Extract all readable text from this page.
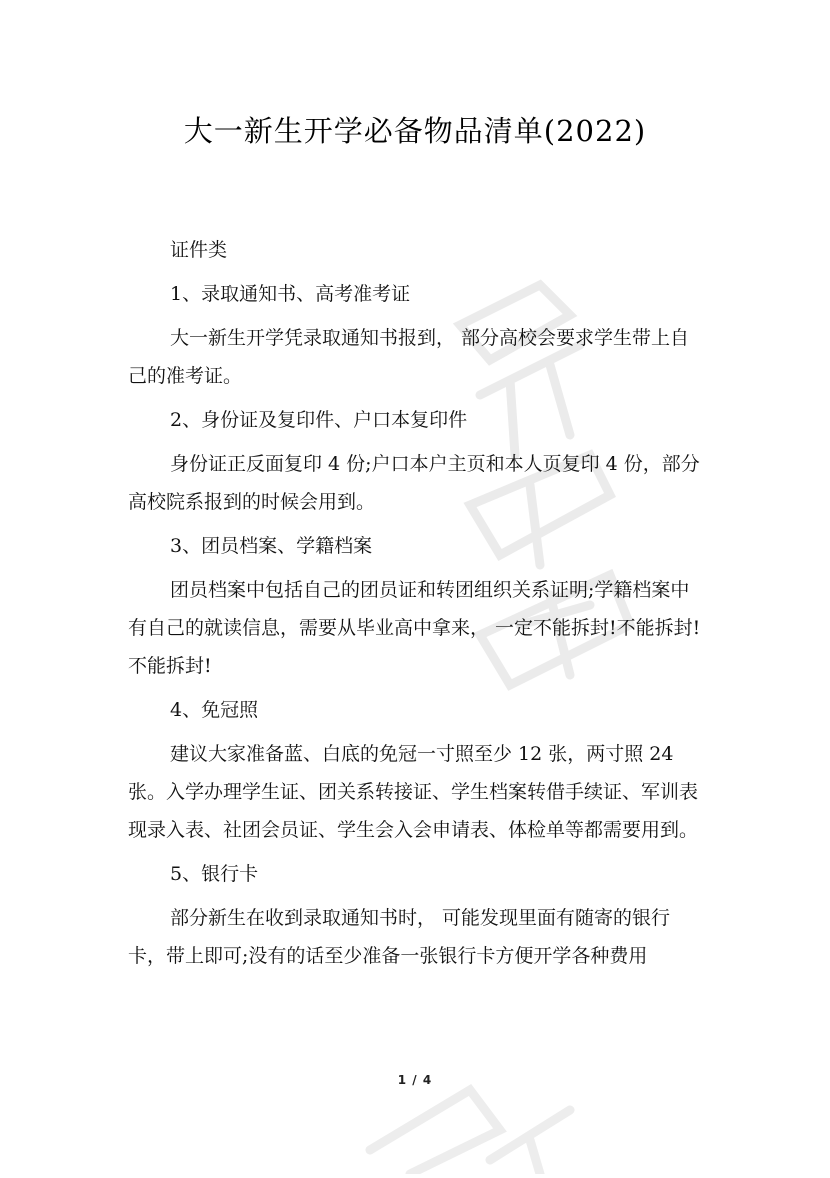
大一新生开学必备物品清单(2022)

证件类

1、录取通知书、高考准考证

大一新生开学凭录取通知书报到， 部分高校会要求学生带上自己的准考证。

2、身份证及复印件、户口本复印件

身份证正反面复印 4 份;户口本户主页和本人页复印 4 份，部分高校院系报到的时候会用到。

3、团员档案、学籍档案

团员档案中包括自己的团员证和转团组织关系证明;学籍档案中有自己的就读信息，需要从毕业高中拿来， 一定不能拆封!不能拆封!不能拆封!

4、免冠照

建议大家准备蓝、白底的免冠一寸照至少 12 张，两寸照 24 张。入学办理学生证、团关系转接证、学生档案转借手续证、军训表现录入表、社团会员证、学生会入会申请表、体检单等都需要用到。

5、银行卡

部分新生在收到录取通知书时， 可能发现里面有随寄的银行卡，带上即可;没有的话至少准备一张银行卡方便开学各种费用

1 / 4
